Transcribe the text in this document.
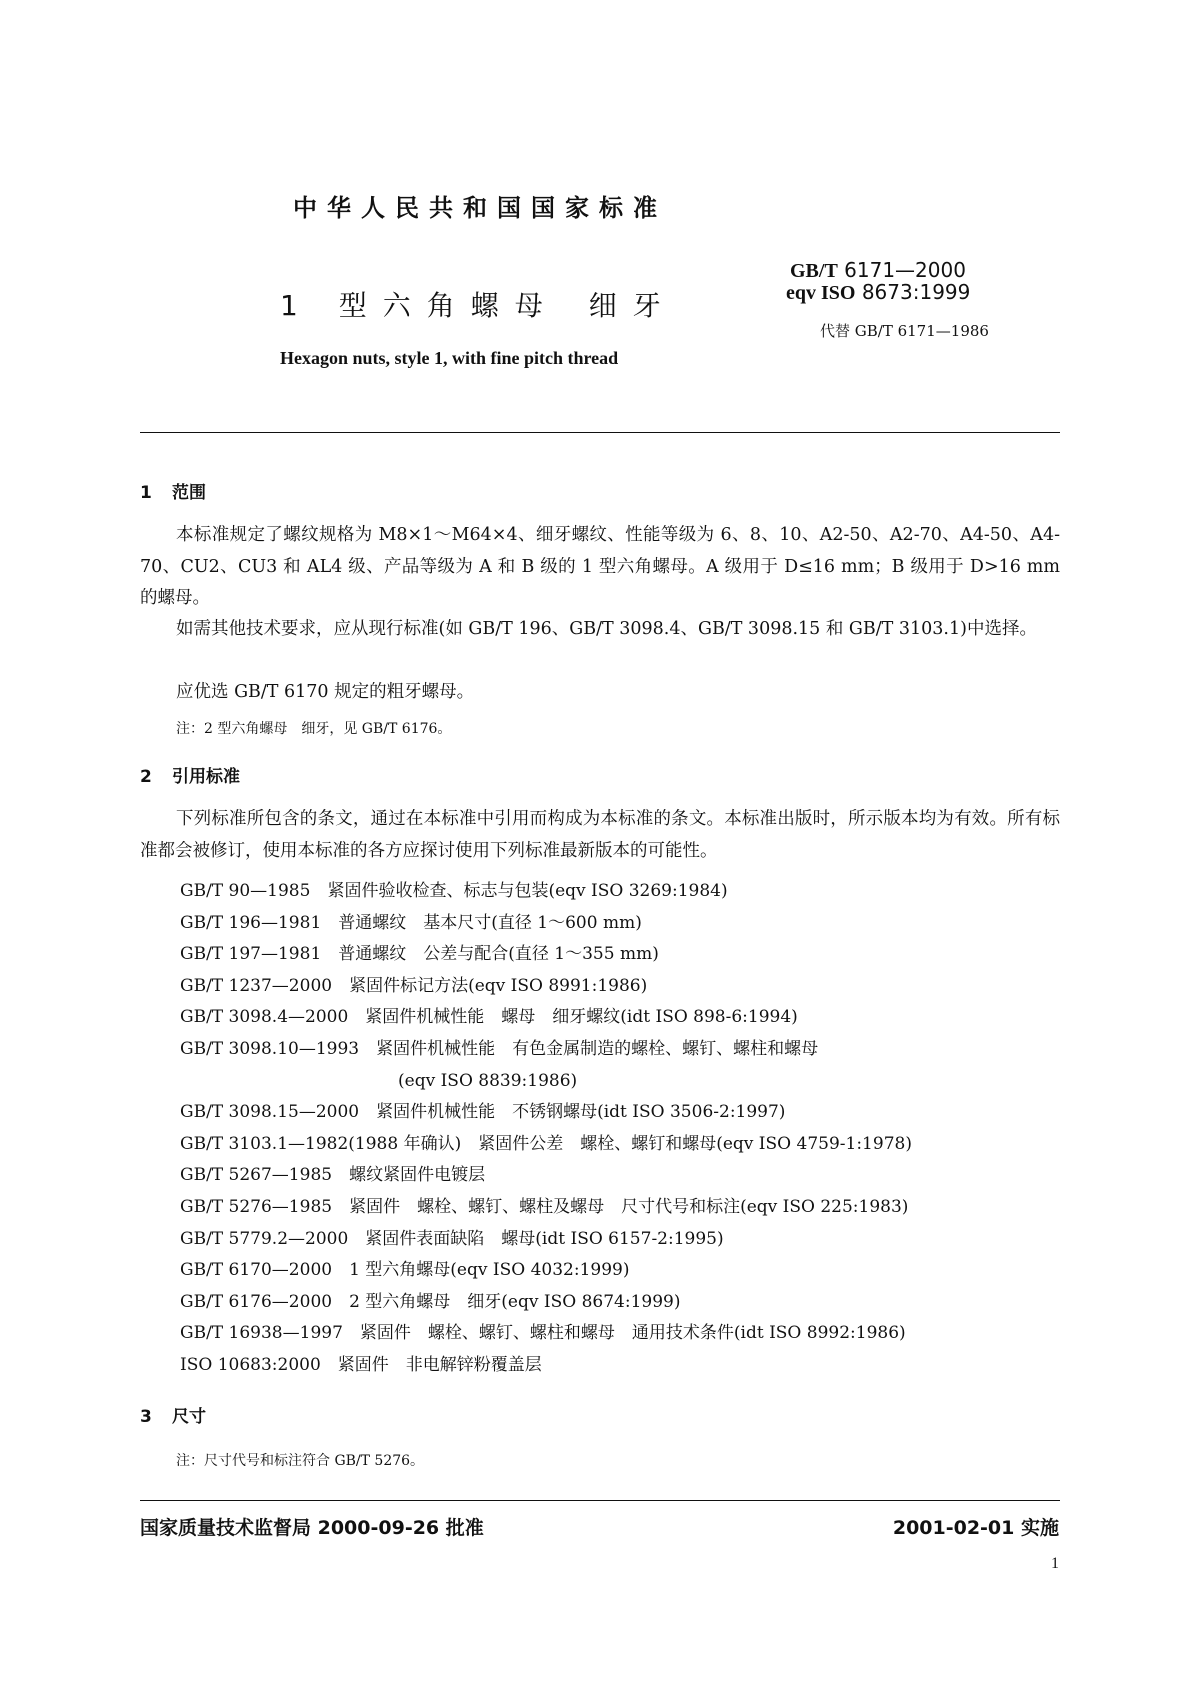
中华人民共和国国家标准
1 型六角螺母 细牙
Hexagon nuts, style 1, with fine pitch thread
GB/T 6171—2000
eqv ISO 8673:1999
代替 GB/T 6171—1986
1 范围
本标准规定了螺纹规格为 M8×1～M64×4、细牙螺纹、性能等级为 6、8、10、A2-50、A2-70、A4-50、A4-70、CU2、CU3 和 AL4 级、产品等级为 A 和 B 级的 1 型六角螺母。A 级用于 D≤16 mm；B 级用于 D>16 mm的螺母。
如需其他技术要求，应从现行标准(如 GB/T 196、GB/T 3098.4、GB/T 3098.15 和 GB/T 3103.1)中选择。
应优选 GB/T 6170 规定的粗牙螺母。
注：2 型六角螺母　细牙，见 GB/T 6176。
2 引用标准
下列标准所包含的条文，通过在本标准中引用而构成为本标准的条文。本标准出版时，所示版本均为有效。所有标准都会被修订，使用本标准的各方应探讨使用下列标准最新版本的可能性。
GB/T 90—1985　紧固件验收检查、标志与包装(eqv ISO 3269:1984)
GB/T 196—1981　普通螺纹　基本尺寸(直径 1～600 mm)
GB/T 197—1981　普通螺纹　公差与配合(直径 1～355 mm)
GB/T 1237—2000　紧固件标记方法(eqv ISO 8991:1986)
GB/T 3098.4—2000　紧固件机械性能　螺母　细牙螺纹(idt ISO 898-6:1994)
GB/T 3098.10—1993　紧固件机械性能　有色金属制造的螺栓、螺钉、螺柱和螺母
(eqv ISO 8839:1986)
GB/T 3098.15—2000　紧固件机械性能　不锈钢螺母(idt ISO 3506-2:1997)
GB/T 3103.1—1982(1988 年确认)　紧固件公差　螺栓、螺钉和螺母(eqv ISO 4759-1:1978)
GB/T 5267—1985　螺纹紧固件电镀层
GB/T 5276—1985　紧固件　螺栓、螺钉、螺柱及螺母　尺寸代号和标注(eqv ISO 225:1983)
GB/T 5779.2—2000　紧固件表面缺陷　螺母(idt ISO 6157-2:1995)
GB/T 6170—2000　1 型六角螺母(eqv ISO 4032:1999)
GB/T 6176—2000　2 型六角螺母　细牙(eqv ISO 8674:1999)
GB/T 16938—1997　紧固件　螺栓、螺钉、螺柱和螺母　通用技术条件(idt ISO 8992:1986)
ISO 10683:2000　紧固件　非电解锌粉覆盖层
3 尺寸
注：尺寸代号和标注符合 GB/T 5276。
国家质量技术监督局 2000-09-26 批准	2001-02-01 实施
1
